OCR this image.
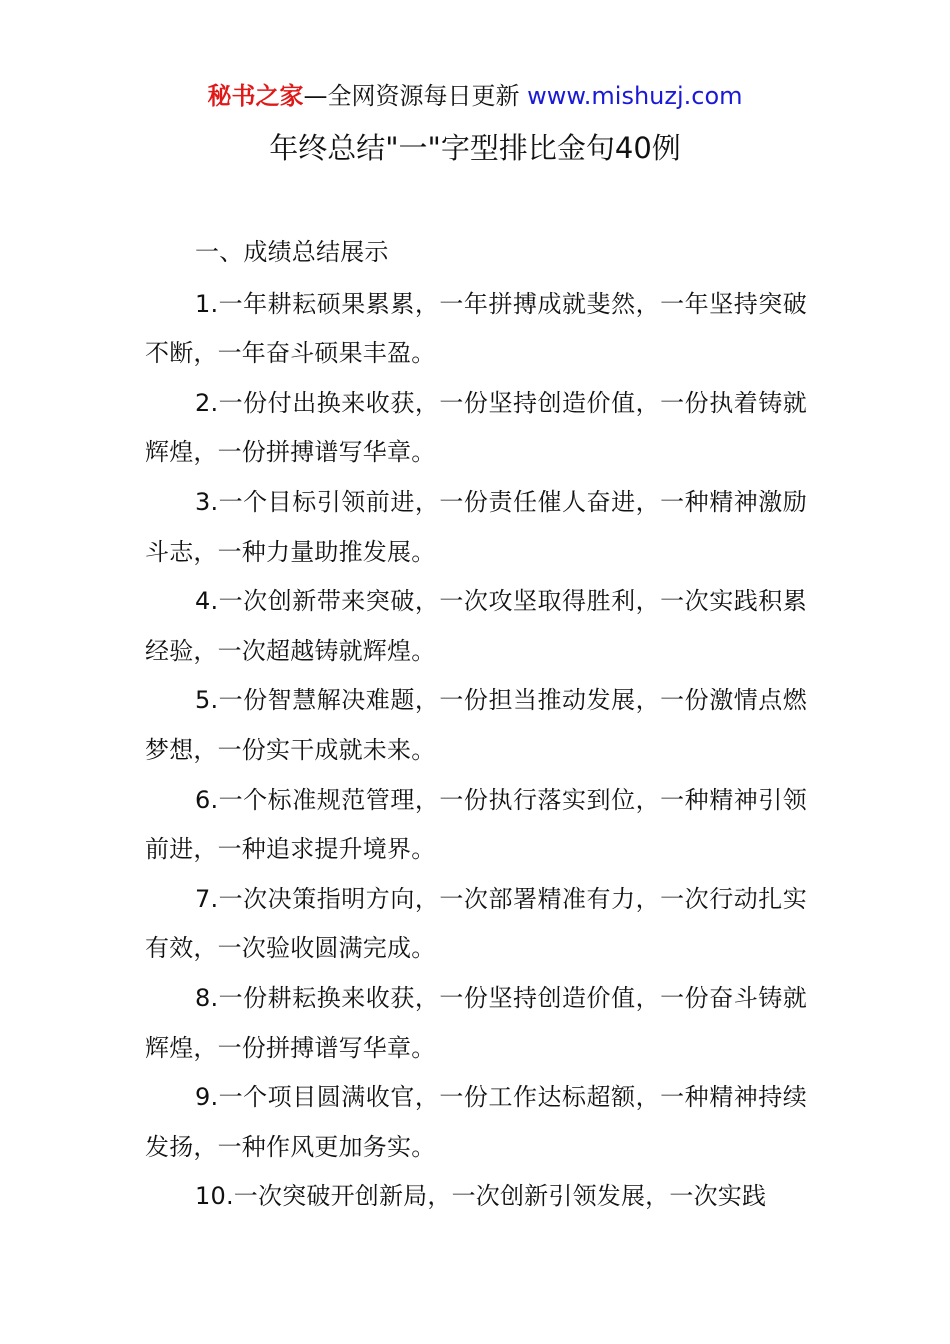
秘书之家—全网资源每日更新 www.mishuzj.com
年终总结"一"字型排比金句40例

一、成绩总结展示

1.一年耕耘硕果累累，一年拼搏成就斐然，一年坚持突破不断，一年奋斗硕果丰盈。

2.一份付出换来收获，一份坚持创造价值，一份执着铸就辉煌，一份拼搏谱写华章。

3.一个目标引领前进，一份责任催人奋进，一种精神激励斗志，一种力量助推发展。

4.一次创新带来突破，一次攻坚取得胜利，一次实践积累经验，一次超越铸就辉煌。

5.一份智慧解决难题，一份担当推动发展，一份激情点燃梦想，一份实干成就未来。

6.一个标准规范管理，一份执行落实到位，一种精神引领前进，一种追求提升境界。

7.一次决策指明方向，一次部署精准有力，一次行动扎实有效，一次验收圆满完成。

8.一份耕耘换来收获，一份坚持创造价值，一份奋斗铸就辉煌，一份拼搏谱写华章。

9.一个项目圆满收官，一份工作达标超额，一种精神持续发扬，一种作风更加务实。

10.一次突破开创新局，一次创新引领发展，一次实践
